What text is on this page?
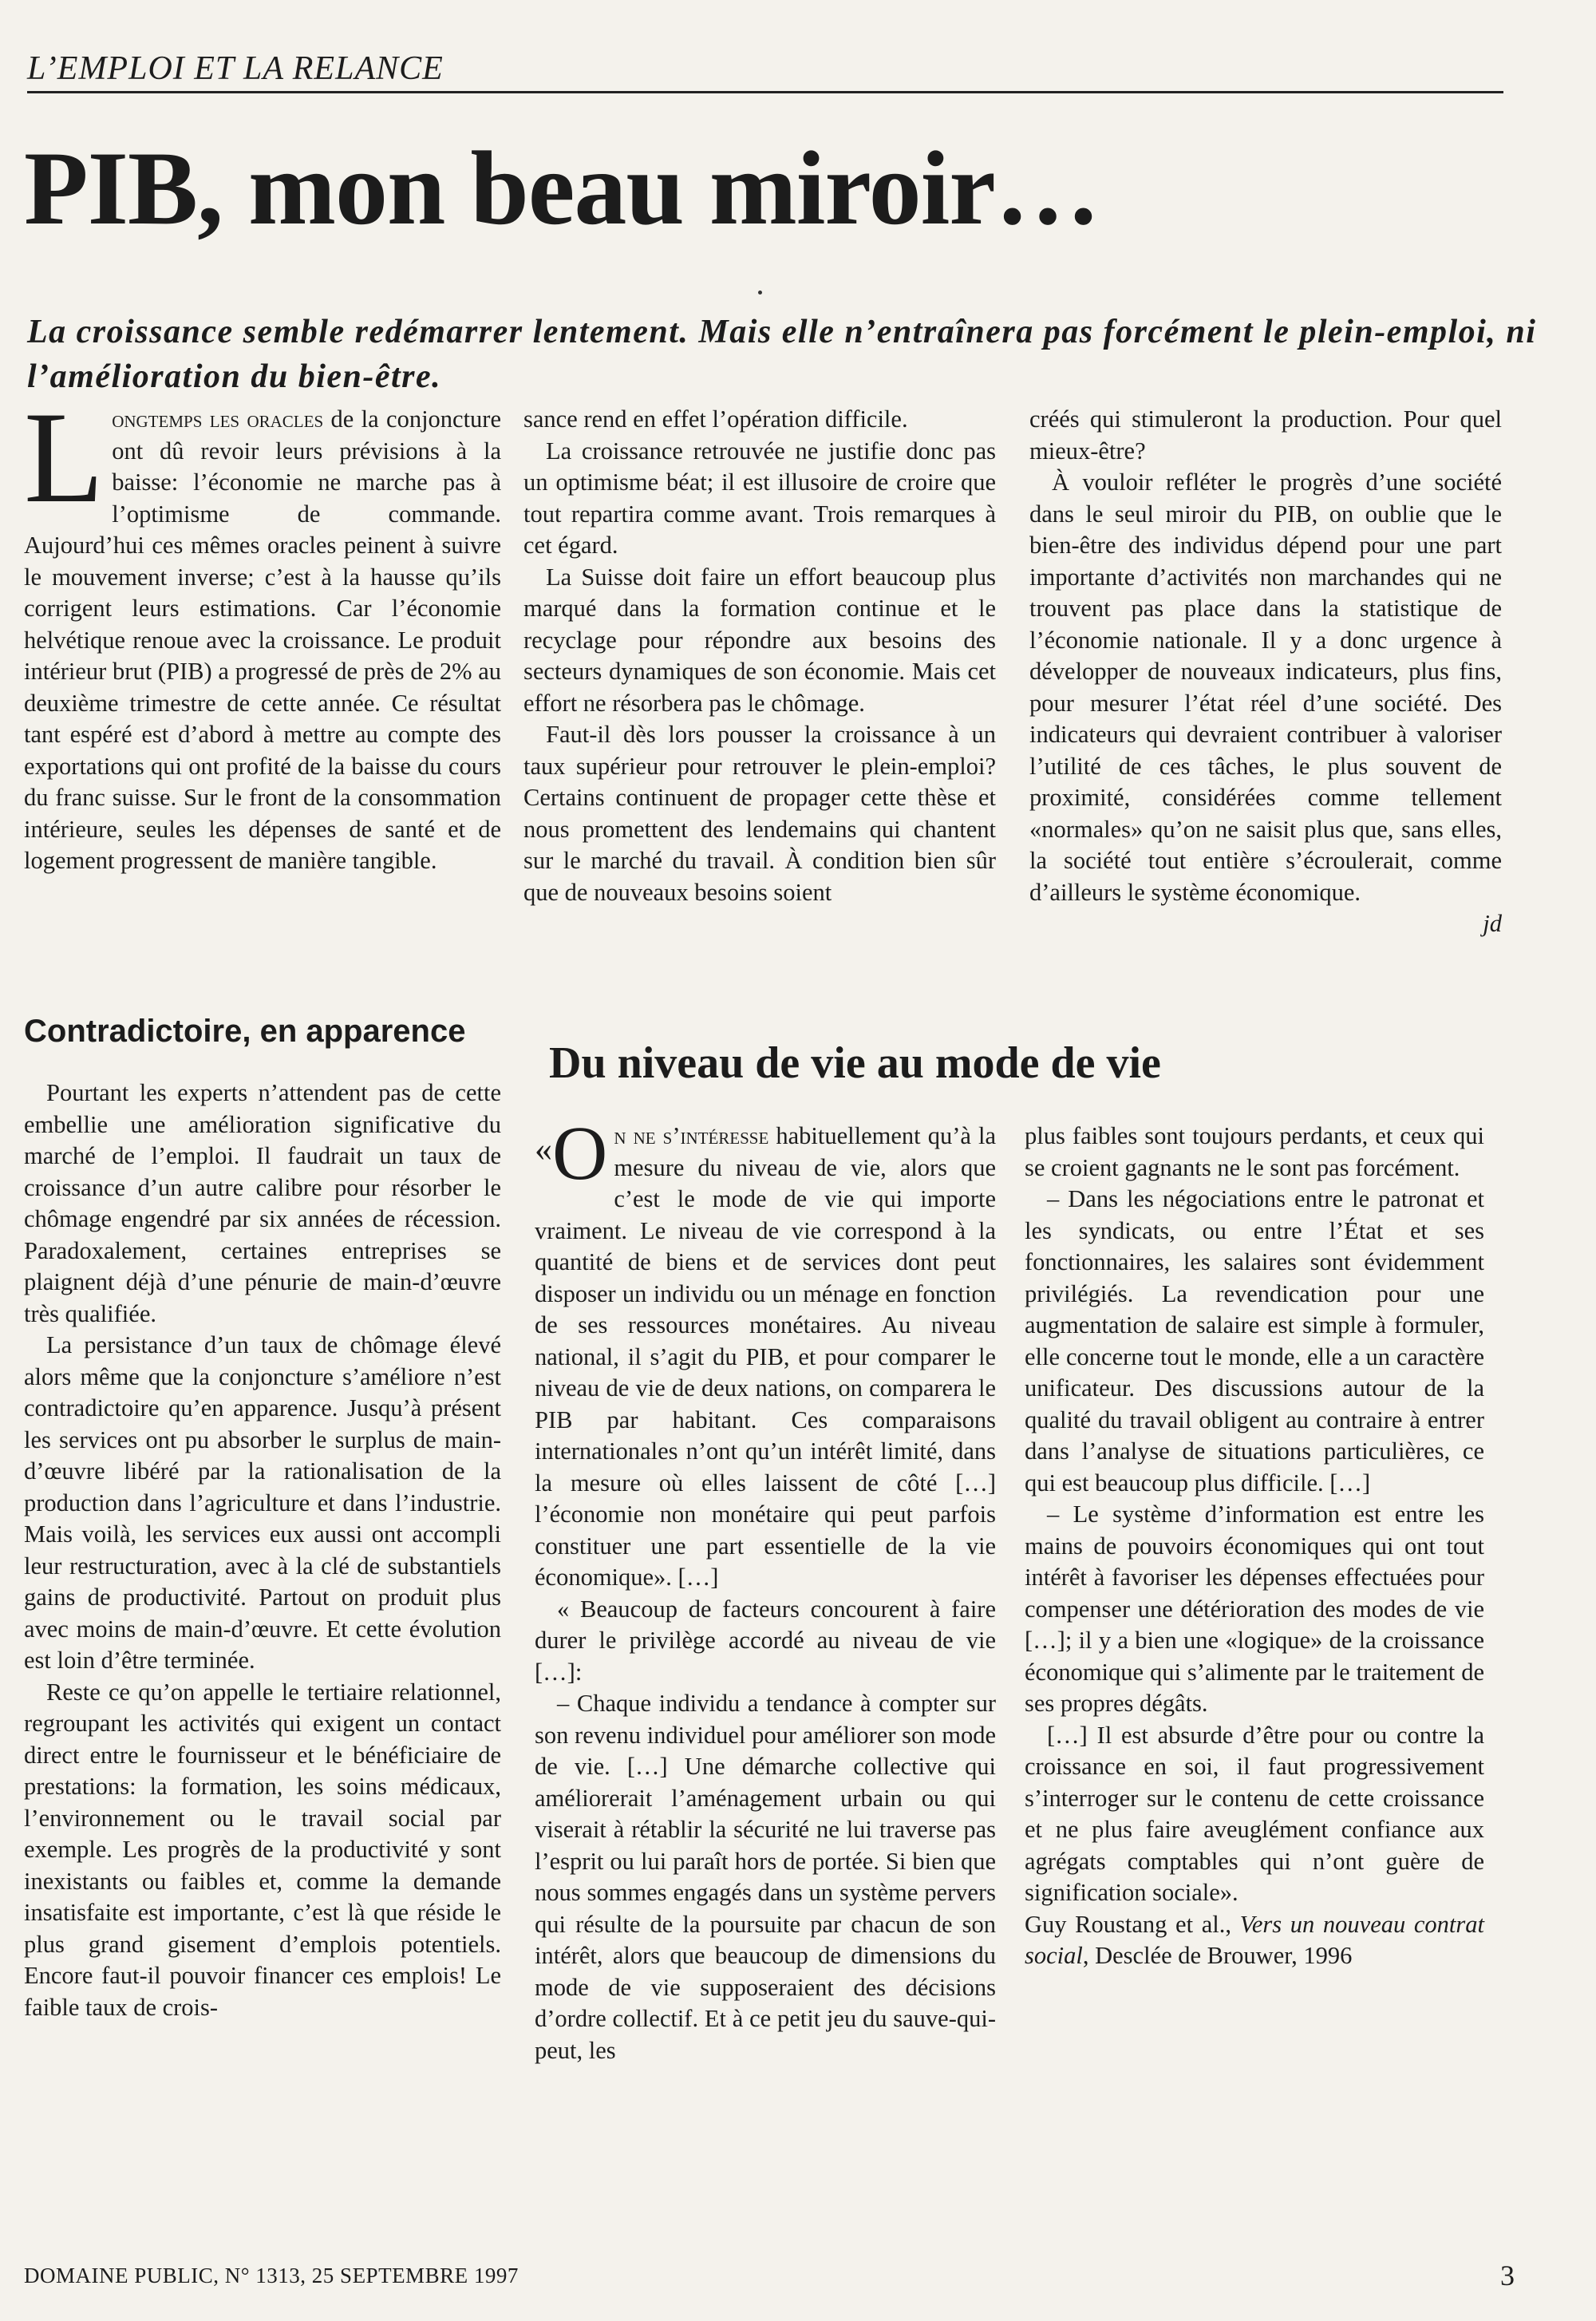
L’EMPLOI ET LA RELANCE
PIB, mon beau miroir…
La croissance semble redémarrer lentement. Mais elle n’entraînera pas forcément le plein-emploi, ni l’amélioration du bien-être.

Longtemps les oracles de la conjoncture ont dû revoir leurs prévisions à la baisse: l’économie ne marche pas à l’optimisme de commande. Aujourd’hui ces mêmes oracles peinent à suivre le mouvement inverse; c’est à la hausse qu’ils corrigent leurs estimations. Car l’économie helvétique renoue avec la croissance. Le produit intérieur brut (PIB) a progressé de près de 2% au deuxième trimestre de cette année. Ce résultat tant espéré est d’abord à mettre au compte des exportations qui ont profité de la baisse du cours du franc suisse. Sur le front de la consommation intérieure, seules les dépenses de santé et de logement progressent de manière tangible.

Contradictoire, en apparence

Pourtant les experts n’attendent pas de cette embellie une amélioration significative du marché de l’emploi. Il faudrait un taux de croissance d’un autre calibre pour résorber le chômage engendré par six années de récession. Paradoxalement, certaines entreprises se plaignent déjà d’une pénurie de main-d’œuvre très qualifiée.

La persistance d’un taux de chômage élevé alors même que la conjoncture s’améliore n’est contradictoire qu’en apparence. Jusqu’à présent les services ont pu absorber le surplus de main-d’œuvre libéré par la rationalisation de la production dans l’agriculture et dans l’industrie. Mais voilà, les services eux aussi ont accompli leur restructuration, avec à la clé de substantiels gains de productivité. Partout on produit plus avec moins de main-d’œuvre. Et cette évolution est loin d’être terminée.

Reste ce qu’on appelle le tertiaire relationnel, regroupant les activités qui exigent un contact direct entre le fournisseur et le bénéficiaire de prestations: la formation, les soins médicaux, l’environnement ou le travail social par exemple. Les progrès de la productivité y sont inexistants ou faibles et, comme la demande insatisfaite est importante, c’est là que réside le plus grand gisement d’emplois potentiels. Encore faut-il pouvoir financer ces emplois! Le faible taux de crois-

sance rend en effet l’opération difficile.

La croissance retrouvée ne justifie donc pas un optimisme béat; il est illusoire de croire que tout repartira comme avant. Trois remarques à cet égard.

La Suisse doit faire un effort beaucoup plus marqué dans la formation continue et le recyclage pour répondre aux besoins des secteurs dynamiques de son économie. Mais cet effort ne résorbera pas le chômage.

Faut-il dès lors pousser la croissance à un taux supérieur pour retrouver le plein-emploi? Certains continuent de propager cette thèse et nous promettent des lendemains qui chantent sur le marché du travail. À condition bien sûr que de nouveaux besoins soient

créés qui stimuleront la production. Pour quel mieux-être?

À vouloir refléter le progrès d’une société dans le seul miroir du PIB, on oublie que le bien-être des individus dépend pour une part importante d’activités non marchandes qui ne trouvent pas place dans la statistique de l’économie nationale. Il y a donc urgence à développer de nouveaux indicateurs, plus fins, pour mesurer l’état réel d’une société. Des indicateurs qui devraient contribuer à valoriser l’utilité de ces tâches, le plus souvent de proximité, considérées comme tellement «normales» qu’on ne saisit plus que, sans elles, la société tout entière s’écroulerait, comme d’ailleurs le système économique.

jd
Du niveau de vie au mode de vie

« O n ne s’intéresse habituellement qu’à la mesure du niveau de vie, alors que c’est le mode de vie qui importe vraiment. Le niveau de vie correspond à la quantité de biens et de services dont peut disposer un individu ou un ménage en fonction de ses ressources monétaires. Au niveau national, il s’agit du PIB, et pour comparer le niveau de vie de deux nations, on comparera le PIB par habitant. Ces comparaisons internationales n’ont qu’un intérêt limité, dans la mesure où elles laissent de côté […] l’économie non monétaire qui peut parfois constituer une part essentielle de la vie économique». […]

« Beaucoup de facteurs concourent à faire durer le privilège accordé au niveau de vie […]:

– Chaque individu a tendance à compter sur son revenu individuel pour améliorer son mode de vie. […] Une démarche collective qui améliorerait l’aménagement urbain ou qui viserait à rétablir la sécurité ne lui traverse pas l’esprit ou lui paraît hors de portée. Si bien que nous sommes engagés dans un système pervers qui résulte de la poursuite par chacun de son intérêt, alors que beaucoup de dimensions du mode de vie supposeraient des décisions d’ordre collectif. Et à ce petit jeu du sauve-qui-peut, les

plus faibles sont toujours perdants, et ceux qui se croient gagnants ne le sont pas forcément.

– Dans les négociations entre le patronat et les syndicats, ou entre l’État et ses fonctionnaires, les salaires sont évidemment privilégiés. La revendication pour une augmentation de salaire est simple à formuler, elle concerne tout le monde, elle a un caractère unificateur. Des discussions autour de la qualité du travail obligent au contraire à entrer dans l’analyse de situations particulières, ce qui est beaucoup plus difficile. […]

– Le système d’information est entre les mains de pouvoirs économiques qui ont tout intérêt à favoriser les dépenses effectuées pour compenser une détérioration des modes de vie […]; il y a bien une «logique» de la croissance économique qui s’alimente par le traitement de ses propres dégâts.

[…] Il est absurde d’être pour ou contre la croissance en soi, il faut progressivement s’interroger sur le contenu de cette croissance et ne plus faire aveuglément confiance aux agrégats comptables qui n’ont guère de signification sociale».

Guy Roustang et al., Vers un nouveau contrat social, Desclée de Brouwer, 1996

DOMAINE PUBLIC, N° 1313, 25 SEPTEMBRE 1997	3
